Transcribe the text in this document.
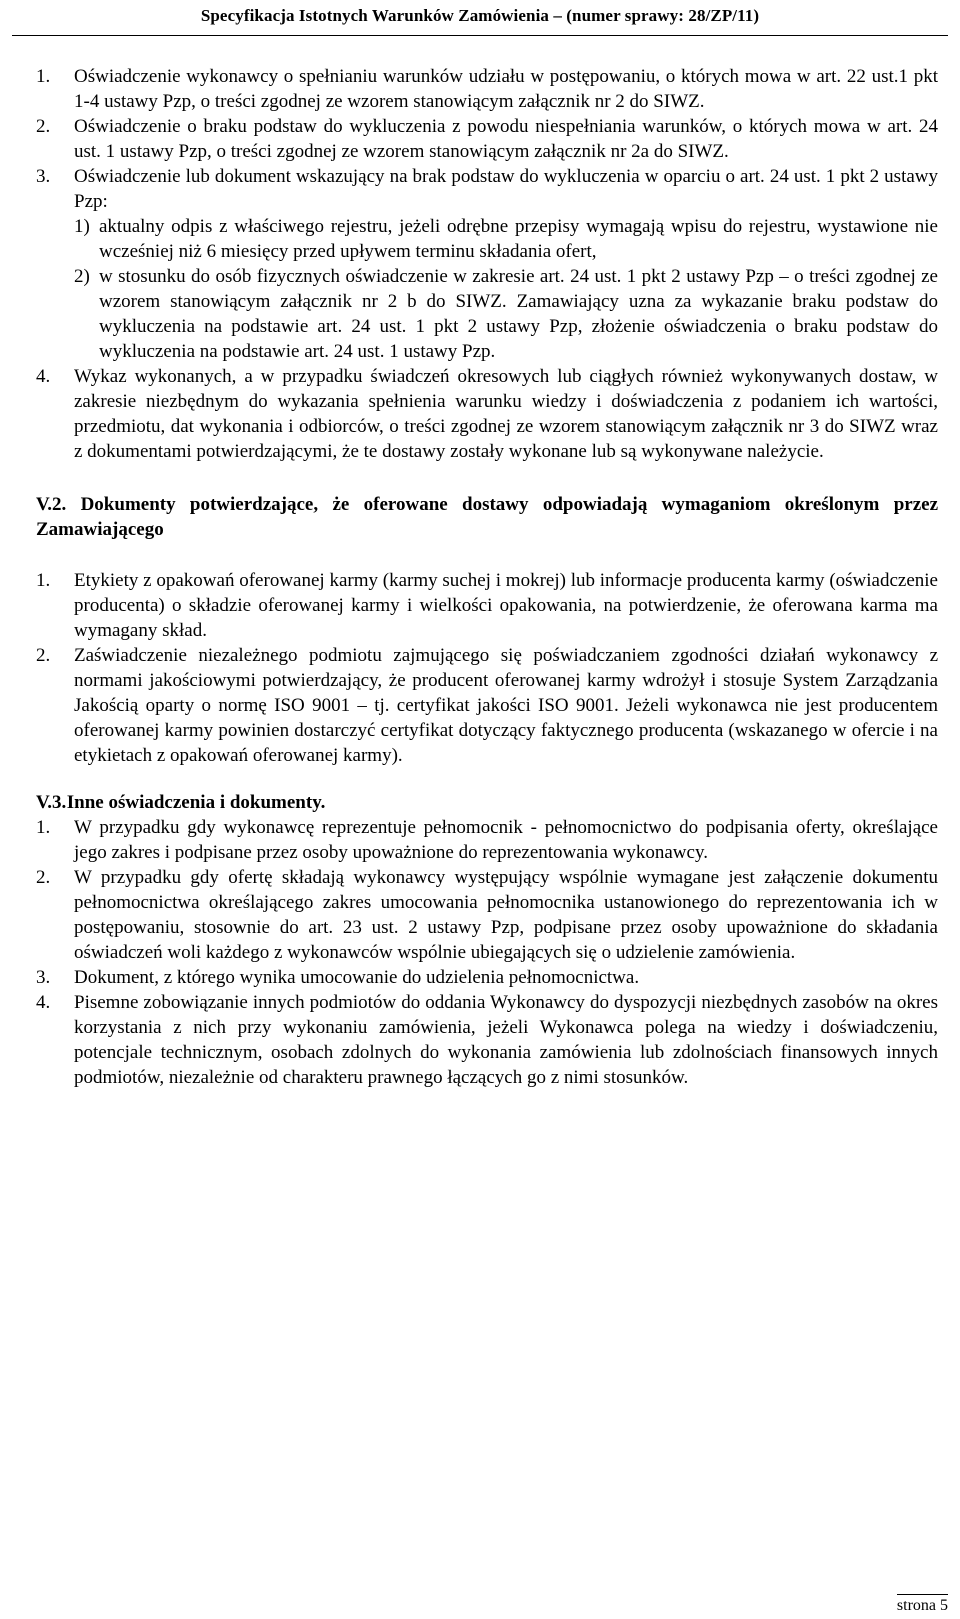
Specyfikacja Istotnych Warunków Zamówienia – (numer sprawy: 28/ZP/11)
1. Oświadczenie wykonawcy o spełnianiu warunków udziału w postępowaniu, o których mowa w art. 22 ust.1 pkt 1-4 ustawy Pzp, o treści zgodnej ze wzorem stanowiącym załącznik nr 2 do SIWZ.
2. Oświadczenie o braku podstaw do wykluczenia z powodu niespełniania warunków, o których mowa w art. 24 ust. 1 ustawy Pzp, o treści zgodnej ze wzorem stanowiącym załącznik nr 2a do SIWZ.
3. Oświadczenie lub dokument wskazujący na brak podstaw do wykluczenia w oparciu o art. 24 ust. 1 pkt 2 ustawy Pzp:
1) aktualny odpis z właściwego rejestru, jeżeli odrębne przepisy wymagają wpisu do rejestru, wystawione nie wcześniej niż 6 miesięcy przed upływem terminu składania ofert,
2) w stosunku do osób fizycznych oświadczenie w zakresie art. 24 ust. 1 pkt 2 ustawy Pzp – o treści zgodnej ze wzorem stanowiącym załącznik nr 2 b do SIWZ. Zamawiający uzna za wykazanie braku podstaw do wykluczenia na podstawie art. 24 ust. 1 pkt 2 ustawy Pzp, złożenie oświadczenia o braku podstaw do wykluczenia na podstawie art. 24 ust. 1 ustawy Pzp.
4. Wykaz wykonanych, a w przypadku świadczeń okresowych lub ciągłych również wykonywanych dostaw, w zakresie niezbędnym do wykazania spełnienia warunku wiedzy i doświadczenia z podaniem ich wartości, przedmiotu, dat wykonania i odbiorców, o treści zgodnej ze wzorem stanowiącym załącznik nr 3 do SIWZ wraz z dokumentami potwierdzającymi, że te dostawy zostały wykonane lub są wykonywane należycie.
V.2. Dokumenty potwierdzające, że oferowane dostawy odpowiadają wymaganiom określonym przez Zamawiającego
1. Etykiety z opakowań oferowanej karmy (karmy suchej i mokrej) lub informacje producenta karmy (oświadczenie producenta) o składzie oferowanej karmy i wielkości opakowania, na potwierdzenie, że oferowana karma ma wymagany skład.
2. Zaświadczenie niezależnego podmiotu zajmującego się poświadczaniem zgodności działań wykonawcy z normami jakościowymi potwierdzający, że producent oferowanej karmy wdrożył i stosuje System Zarządzania Jakością oparty o normę ISO 9001 – tj. certyfikat jakości ISO 9001. Jeżeli wykonawca nie jest producentem oferowanej karmy powinien dostarczyć certyfikat dotyczący faktycznego producenta (wskazanego w ofercie i na etykietach z opakowań oferowanej karmy).
V.3. Inne oświadczenia i dokumenty.
1. W przypadku gdy wykonawcę reprezentuje pełnomocnik - pełnomocnictwo do podpisania oferty, określające jego zakres i podpisane przez osoby upoważnione do reprezentowania wykonawcy.
2. W przypadku gdy ofertę składają wykonawcy występujący wspólnie wymagane jest załączenie dokumentu pełnomocnictwa określającego zakres umocowania pełnomocnika ustanowionego do reprezentowania ich w postępowaniu, stosownie do art. 23 ust. 2 ustawy Pzp, podpisane przez osoby upoważnione do składania oświadczeń woli każdego z wykonawców wspólnie ubiegających się o udzielenie zamówienia.
3. Dokument, z którego wynika umocowanie do udzielenia pełnomocnictwa.
4. Pisemne zobowiązanie innych podmiotów do oddania Wykonawcy do dyspozycji niezbędnych zasobów na okres korzystania z nich przy wykonaniu zamówienia, jeżeli Wykonawca polega na wiedzy i doświadczeniu, potencjale technicznym, osobach zdolnych do wykonania zamówienia lub zdolnościach finansowych innych podmiotów, niezależnie od charakteru prawnego łączących go z nimi stosunków.
strona 5
